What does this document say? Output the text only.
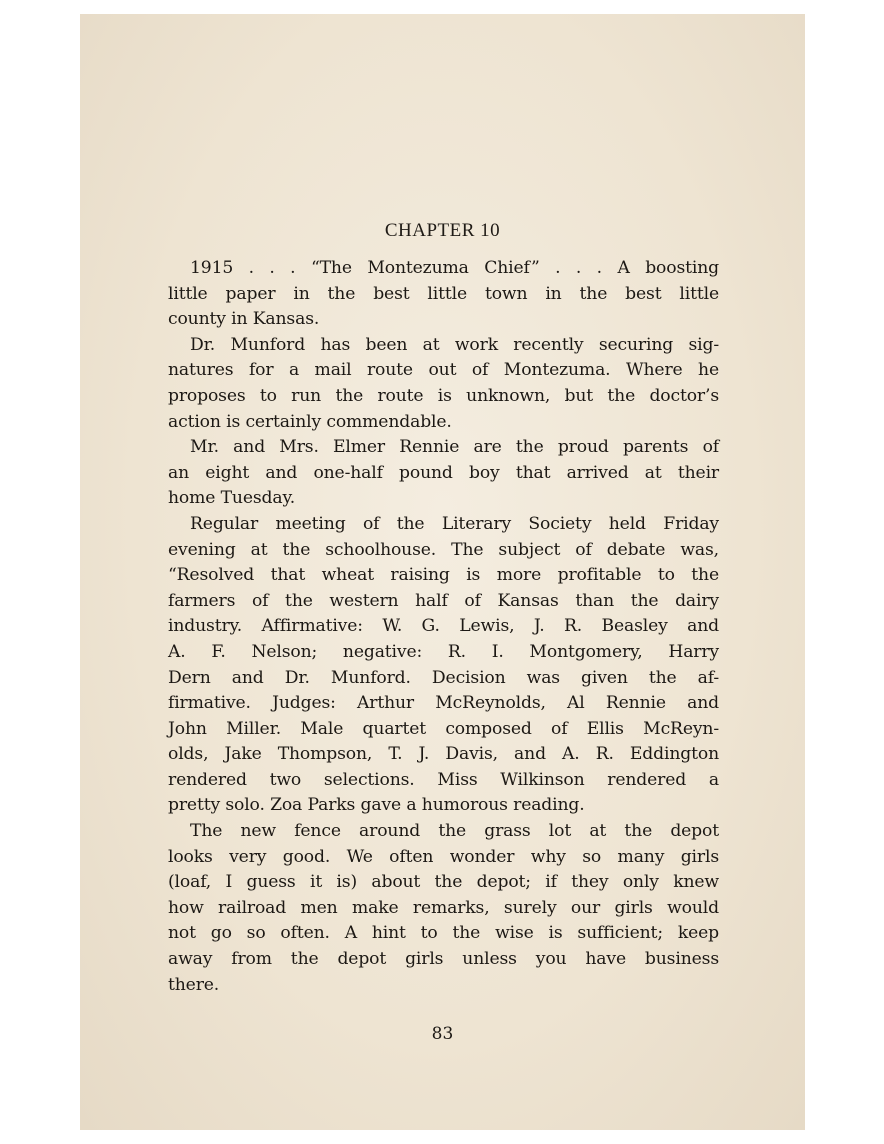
CHAPTER 10
1915 . . . “The Montezuma Chief” . . . A boosting
little paper in the best little town in the best little
county in Kansas.
Dr. Munford has been at work recently securing sig-
natures for a mail route out of Montezuma. Where he
proposes to run the route is unknown, but the doctor’s
action is certainly commendable.
Mr. and Mrs. Elmer Rennie are the proud parents of
an eight and one-half pound boy that arrived at their
home Tuesday.
Regular meeting of the Literary Society held Friday
evening at the schoolhouse. The subject of debate was,
“Resolved that wheat raising is more profitable to the
farmers of the western half of Kansas than the dairy
industry. Affirmative: W. G. Lewis, J. R. Beasley and
A. F. Nelson; negative: R. I. Montgomery, Harry
Dern and Dr. Munford. Decision was given the af-
firmative. Judges: Arthur McReynolds, Al Rennie and
John Miller. Male quartet composed of Ellis McReyn-
olds, Jake Thompson, T. J. Davis, and A. R. Eddington
rendered two selections. Miss Wilkinson rendered a
pretty solo. Zoa Parks gave a humorous reading.
The new fence around the grass lot at the depot
looks very good. We often wonder why so many girls
(loaf, I guess it is) about the depot; if they only knew
how railroad men make remarks, surely our girls would
not go so often. A hint to the wise is sufficient; keep
away from the depot girls unless you have business
there.
83
